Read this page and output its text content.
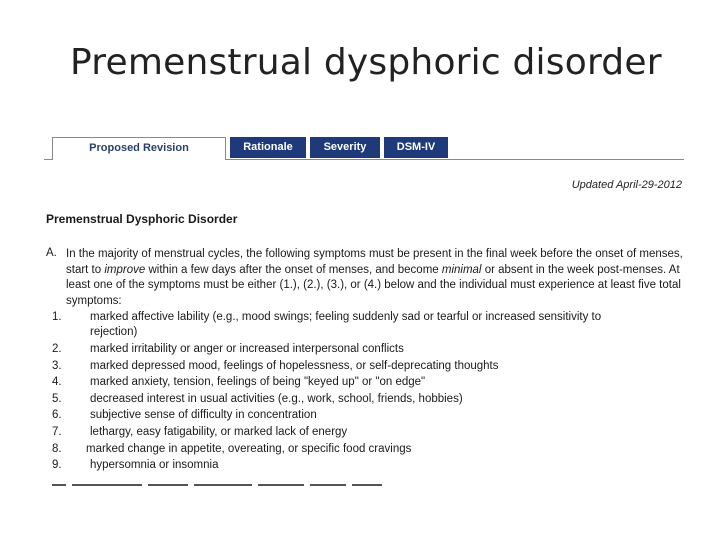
Premenstrual dysphoric disorder
Proposed Revision	Rationale	Severity	DSM-IV
Updated April-29-2012
Premenstrual Dysphoric Disorder
A. In the majority of menstrual cycles, the following symptoms must be present in the final week before the onset of menses, start to improve within a few days after the onset of menses, and become minimal or absent in the week post-menses. At least one of the symptoms must be either (1.), (2.), (3.), or (4.) below and the individual must experience at least five total symptoms:
1.	marked affective lability (e.g., mood swings; feeling suddenly sad or tearful or increased sensitivity to rejection)
2.	marked irritability or anger or increased interpersonal conflicts
3.	marked depressed mood, feelings of hopelessness, or self-deprecating thoughts
4.	marked anxiety, tension, feelings of being "keyed up" or "on edge"
5.	decreased interest in usual activities (e.g., work, school, friends, hobbies)
6.	subjective sense of difficulty in concentration
7.	lethargy, easy fatigability, or marked lack of energy
8.	marked change in appetite, overeating, or specific food cravings
9.	hypersomnia or insomnia
